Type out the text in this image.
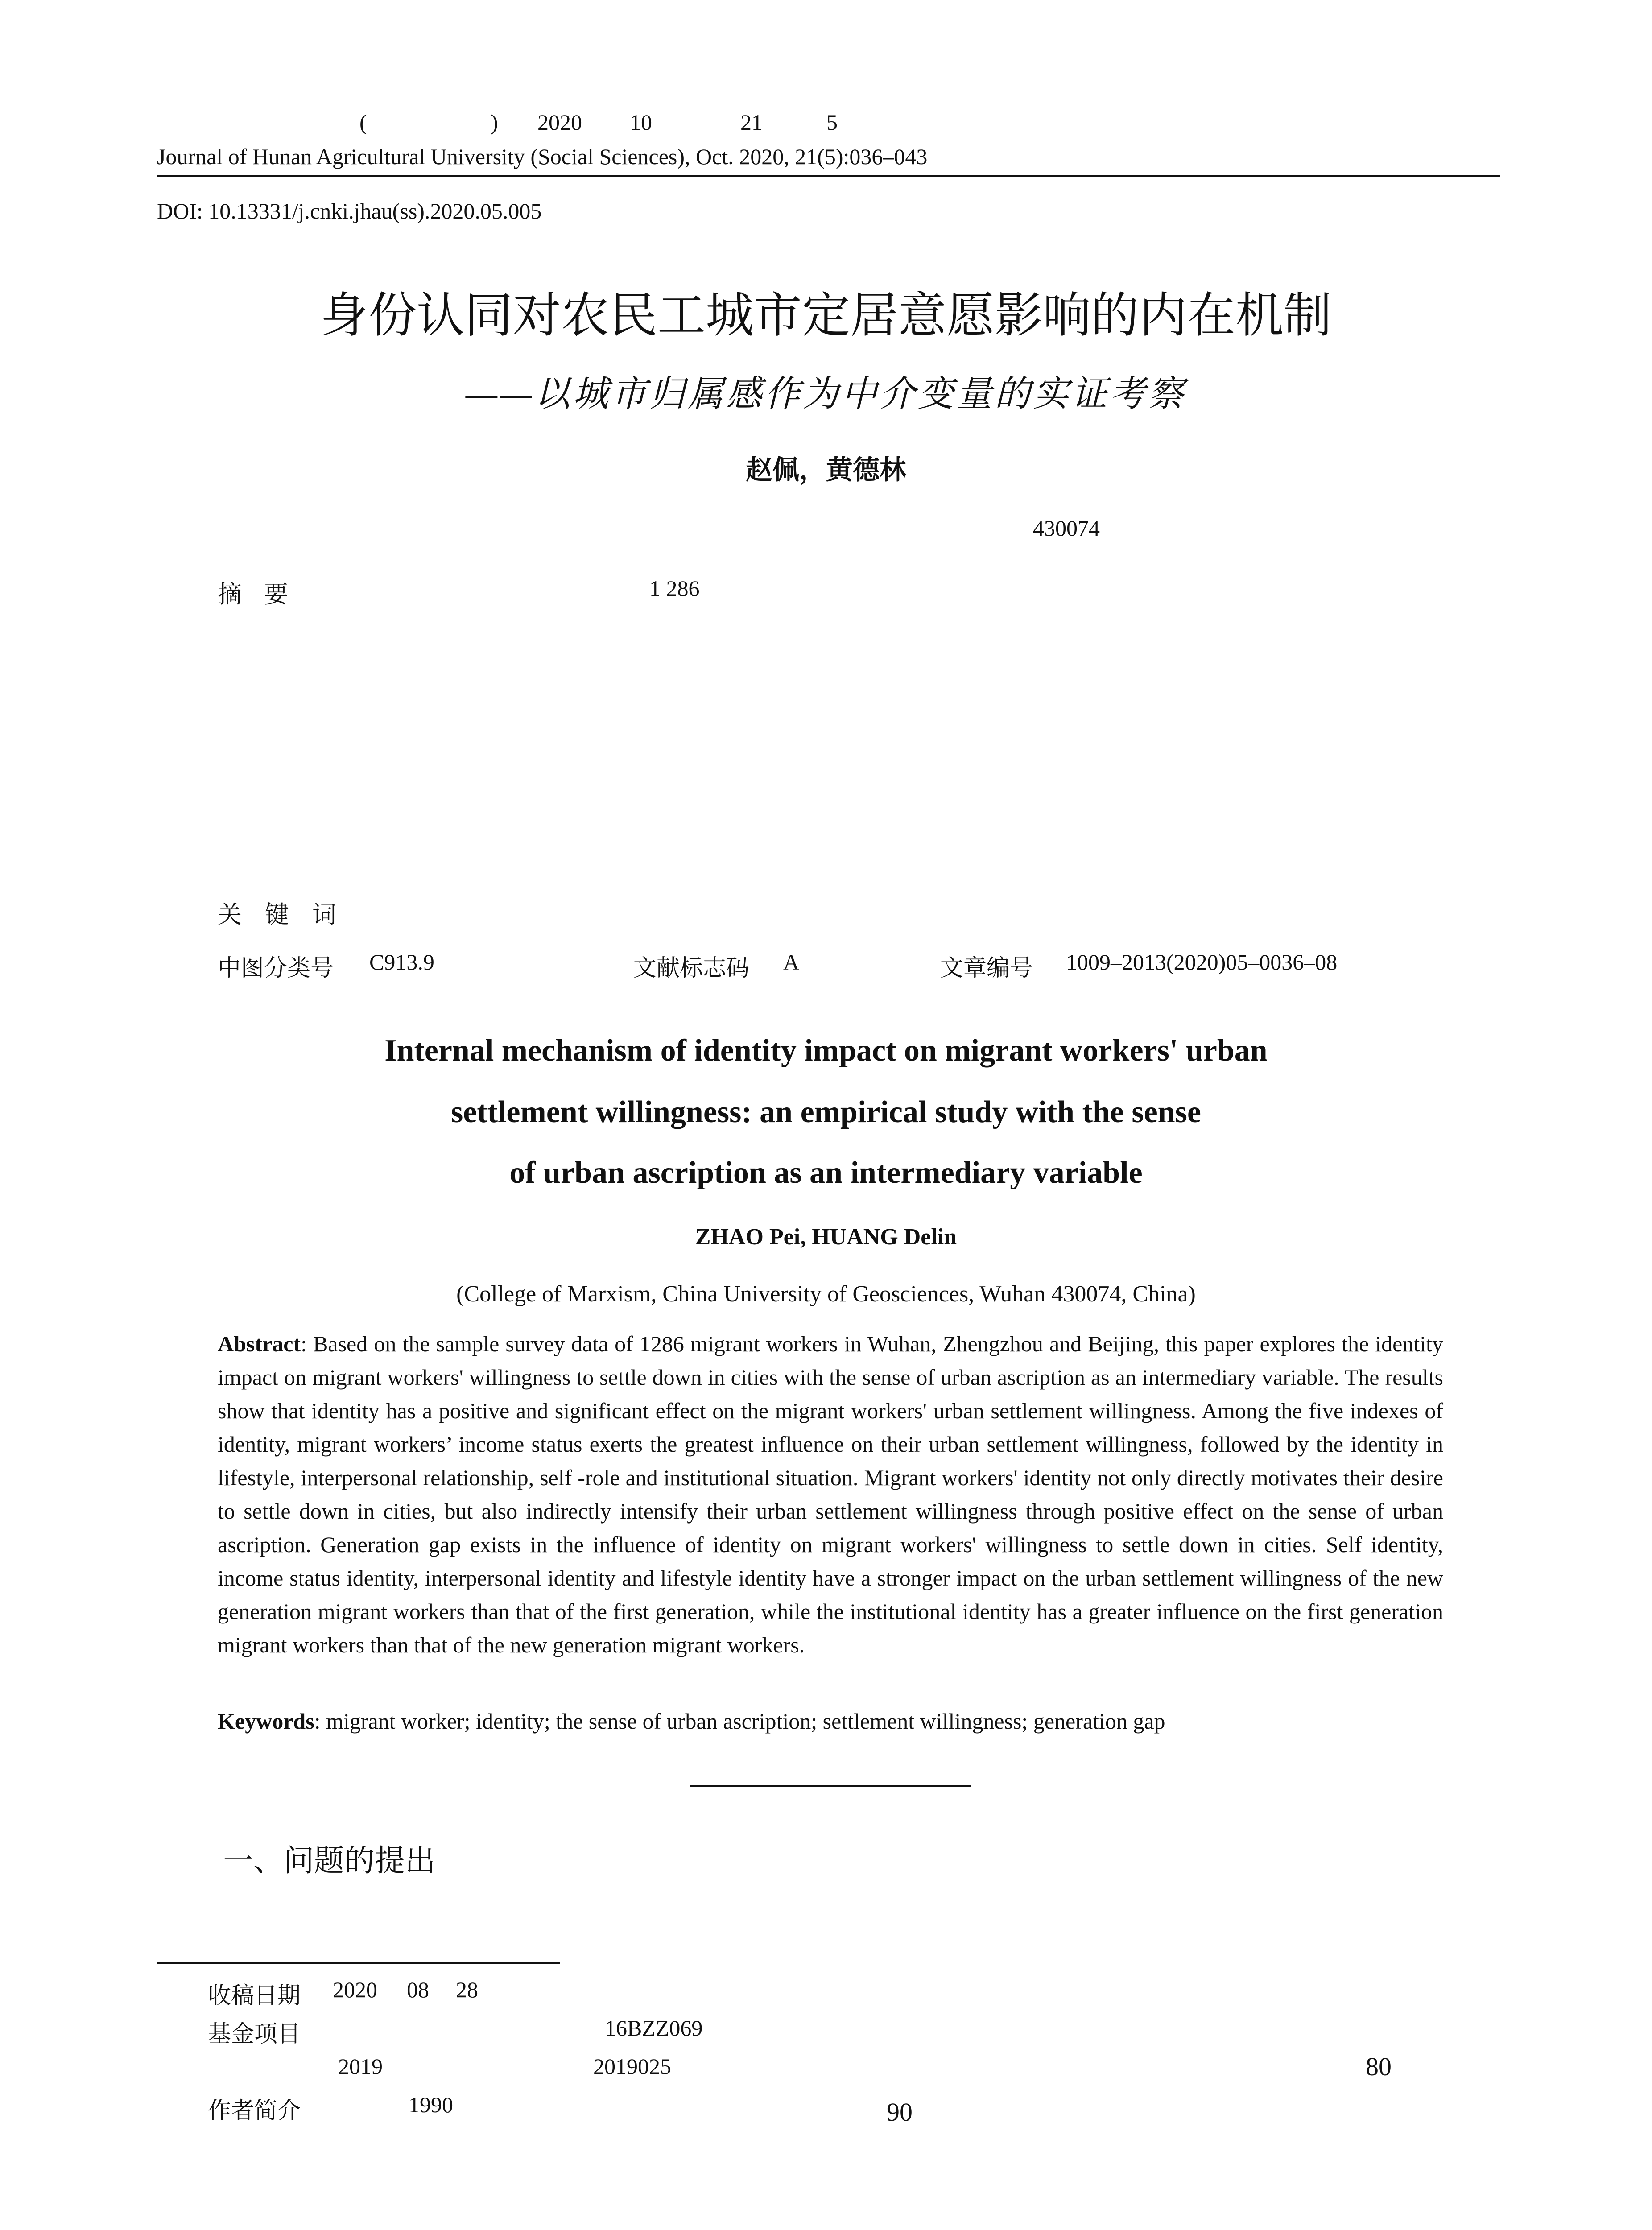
(	) 2020 10	21	5
Journal of Hunan Agricultural University (Social Sciences), Oct. 2020, 21(5):036–043
DOI: 10.13331/j.cnki.jhau(ss).2020.05.005
身份认同对农民工城市定居意愿影响的内在机制
——以城市归属感作为中介变量的实证考察
赵佩，黄德林
430074
摘要	1 286
关键词
中图分类号 C913.9	文献标志码 A	文章编号 1009–2013(2020)05–0036–08
Internal mechanism of identity impact on migrant workers' urban
settlement willingness: an empirical study with the sense
of urban ascription as an intermediary variable
ZHAO Pei, HUANG Delin
(College of Marxism, China University of Geosciences, Wuhan 430074, China)
Abstract: Based on the sample survey data of 1286 migrant workers in Wuhan, Zhengzhou and Beijing, this paper explores the identity impact on migrant workers' willingness to settle down in cities with the sense of urban ascription as an intermediary variable. The results show that identity has a positive and significant effect on the migrant workers' urban settlement willingness. Among the five indexes of identity, migrant workers’ income status exerts the greatest influence on their urban settlement willingness, followed by the identity in lifestyle, interpersonal relationship, self -role and institutional situation. Migrant workers' identity not only directly motivates their desire to settle down in cities, but also indirectly intensify their urban settlement willingness through positive effect on the sense of urban ascription. Generation gap exists in the influence of identity on migrant workers' willingness to settle down in cities. Self identity, income status identity, interpersonal identity and lifestyle identity have a stronger impact on the urban settlement willingness of the new generation migrant workers than that of the first generation, while the institutional identity has a greater influence on the first generation migrant workers than that of the new generation migrant workers.
Keywords: migrant worker; identity; the sense of urban ascription; settlement willingness; generation gap
一、问题的提出
收稿日期 2020 08 28
基金项目	16BZZ069
2019	2019025	80
作者简介	1990	90
